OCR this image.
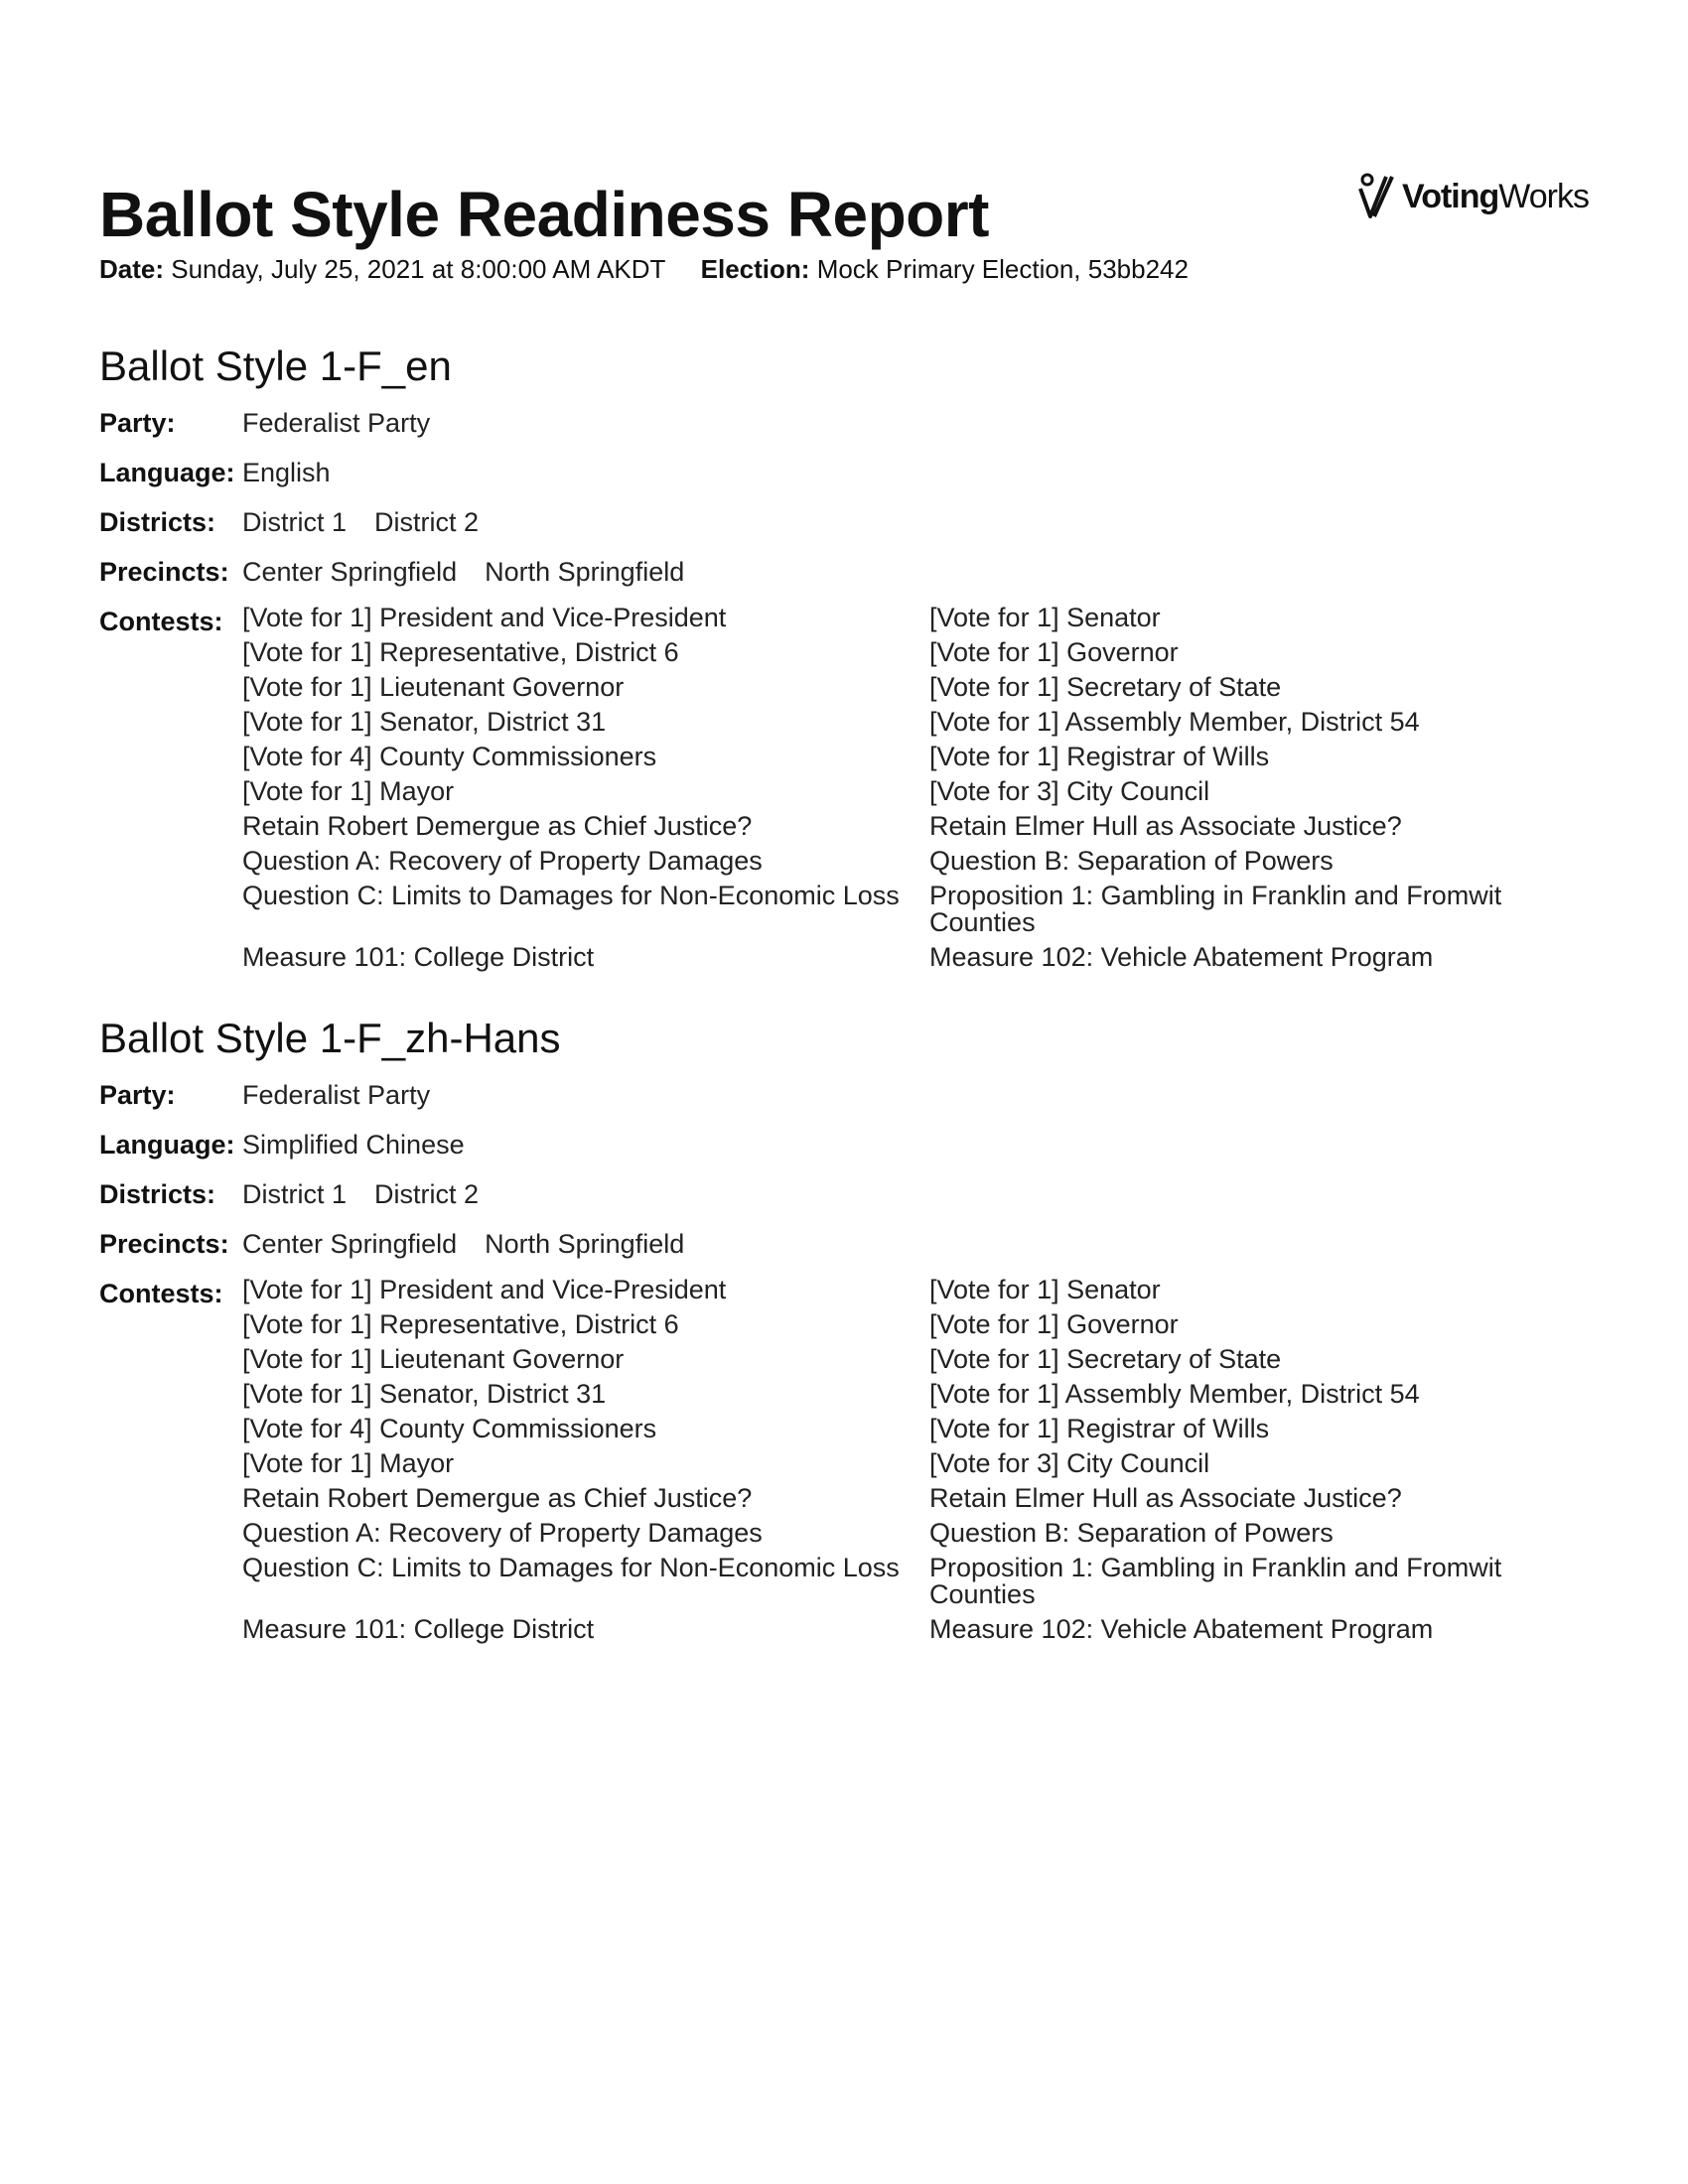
Ballot Style Readiness Report	VotingWorks
Date: Sunday, July 25, 2021 at 8:00:00 AM AKDT Election: Mock Primary Election, 53bb242
Ballot Style 1-F_en
Party:	Federalist Party
Language: English
Districts: District 1 District 2
Precincts: Center Springfield North Springfield
Contests: [Vote for 1] President and Vice-President	[Vote for 1] Senator
[Vote for 1] Representative, District 6	[Vote for 1] Governor
[Vote for 1] Lieutenant Governor	[Vote for 1] Secretary of State
[Vote for 1] Senator, District 31	[Vote for 1] Assembly Member, District 54
[Vote for 4] County Commissioners	[Vote for 1] Registrar of Wills
[Vote for 1] Mayor	[Vote for 3] City Council
Retain Robert Demergue as Chief Justice?	Retain Elmer Hull as Associate Justice?
Question A: Recovery of Property Damages	Question B: Separation of Powers
Question C: Limits to Damages for Non-Economic Loss	Proposition 1: Gambling in Franklin and Fromwit Counties
Measure 101: College District	Measure 102: Vehicle Abatement Program
Ballot Style 1-F_zh-Hans
Party:	Federalist Party
Language: Simplified Chinese
Districts: District 1 District 2
Precincts: Center Springfield North Springfield
Contests: [Vote for 1] President and Vice-President	[Vote for 1] Senator
[Vote for 1] Representative, District 6	[Vote for 1] Governor
[Vote for 1] Lieutenant Governor	[Vote for 1] Secretary of State
[Vote for 1] Senator, District 31	[Vote for 1] Assembly Member, District 54
[Vote for 4] County Commissioners	[Vote for 1] Registrar of Wills
[Vote for 1] Mayor	[Vote for 3] City Council
Retain Robert Demergue as Chief Justice?	Retain Elmer Hull as Associate Justice?
Question A: Recovery of Property Damages	Question B: Separation of Powers
Question C: Limits to Damages for Non-Economic Loss	Proposition 1: Gambling in Franklin and Fromwit Counties
Measure 101: College District	Measure 102: Vehicle Abatement Program
